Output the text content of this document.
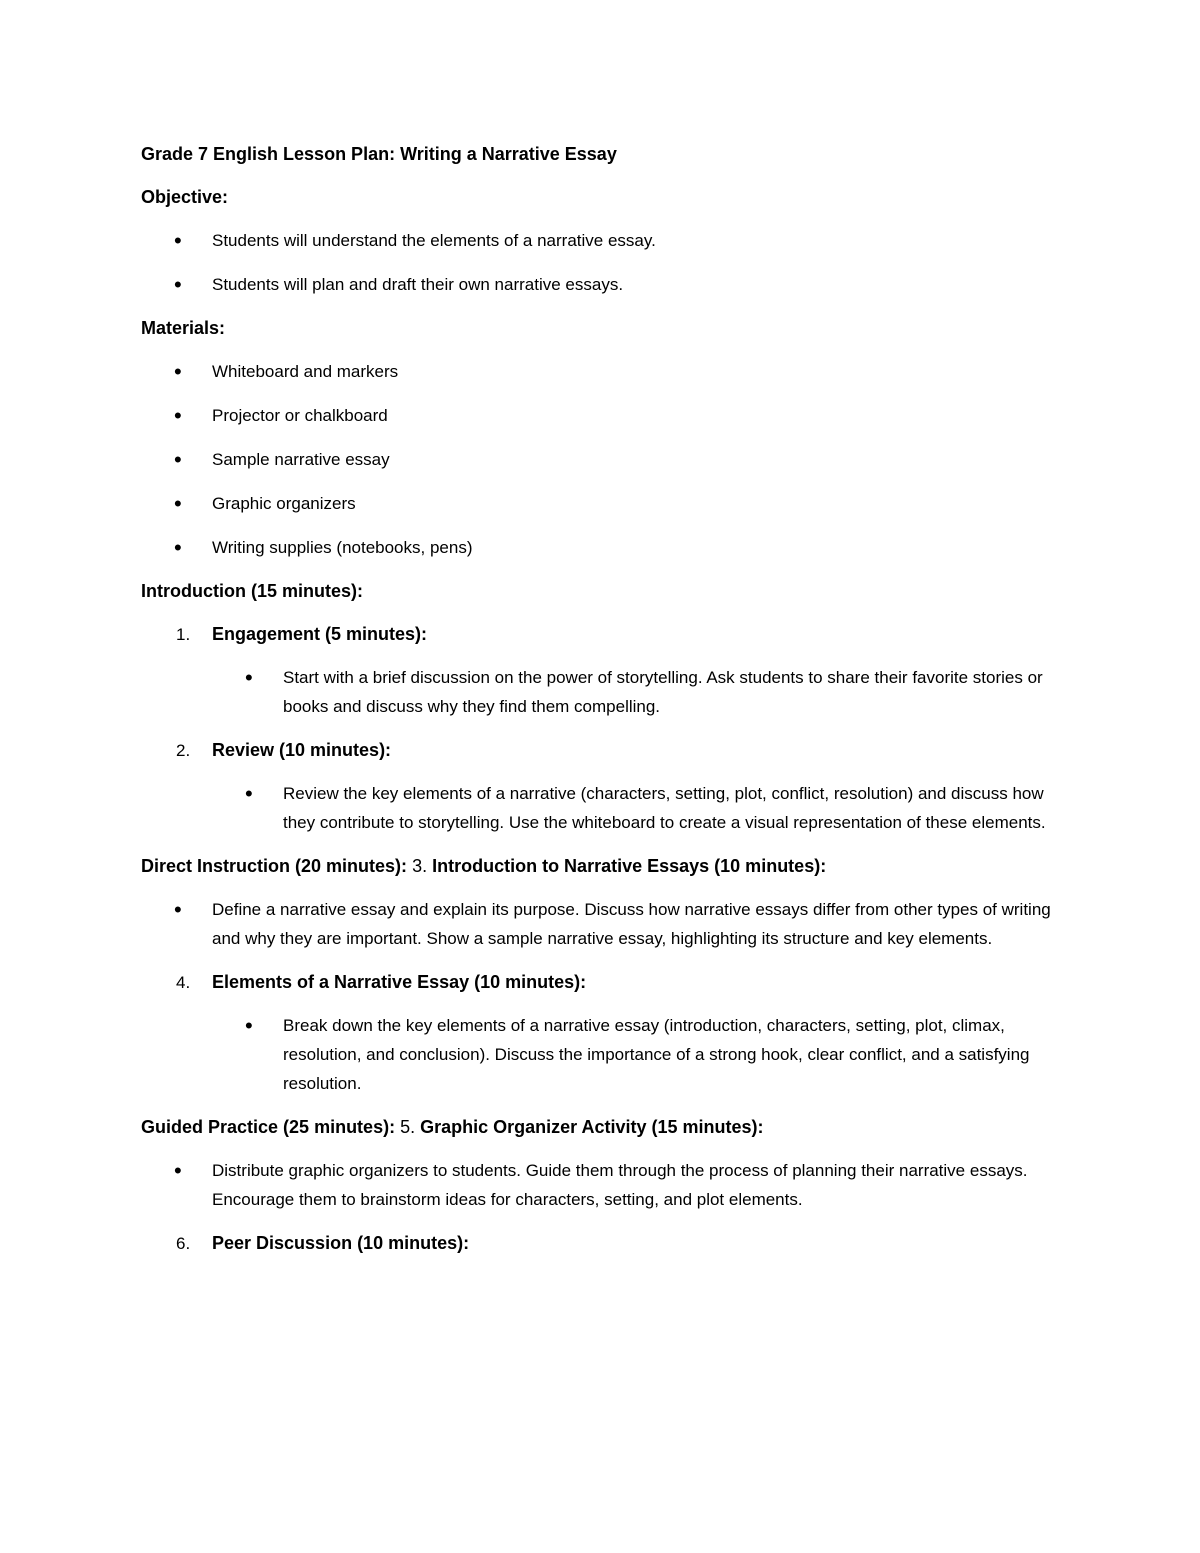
Grade 7 English Lesson Plan: Writing a Narrative Essay
Objective:
• Students will understand the elements of a narrative essay.
• Students will plan and draft their own narrative essays.
Materials:
• Whiteboard and markers
• Projector or chalkboard
• Sample narrative essay
• Graphic organizers
• Writing supplies (notebooks, pens)
Introduction (15 minutes):
1. Engagement (5 minutes):
• Start with a brief discussion on the power of storytelling. Ask students to share their favorite stories or books and discuss why they find them compelling.
2. Review (10 minutes):
• Review the key elements of a narrative (characters, setting, plot, conflict, resolution) and discuss how they contribute to storytelling. Use the whiteboard to create a visual representation of these elements.
Direct Instruction (20 minutes): 3. Introduction to Narrative Essays (10 minutes):
• Define a narrative essay and explain its purpose. Discuss how narrative essays differ from other types of writing and why they are important. Show a sample narrative essay, highlighting its structure and key elements.
4. Elements of a Narrative Essay (10 minutes):
• Break down the key elements of a narrative essay (introduction, characters, setting, plot, climax, resolution, and conclusion). Discuss the importance of a strong hook, clear conflict, and a satisfying resolution.
Guided Practice (25 minutes): 5. Graphic Organizer Activity (15 minutes):
• Distribute graphic organizers to students. Guide them through the process of planning their narrative essays. Encourage them to brainstorm ideas for characters, setting, and plot elements.
6. Peer Discussion (10 minutes):
